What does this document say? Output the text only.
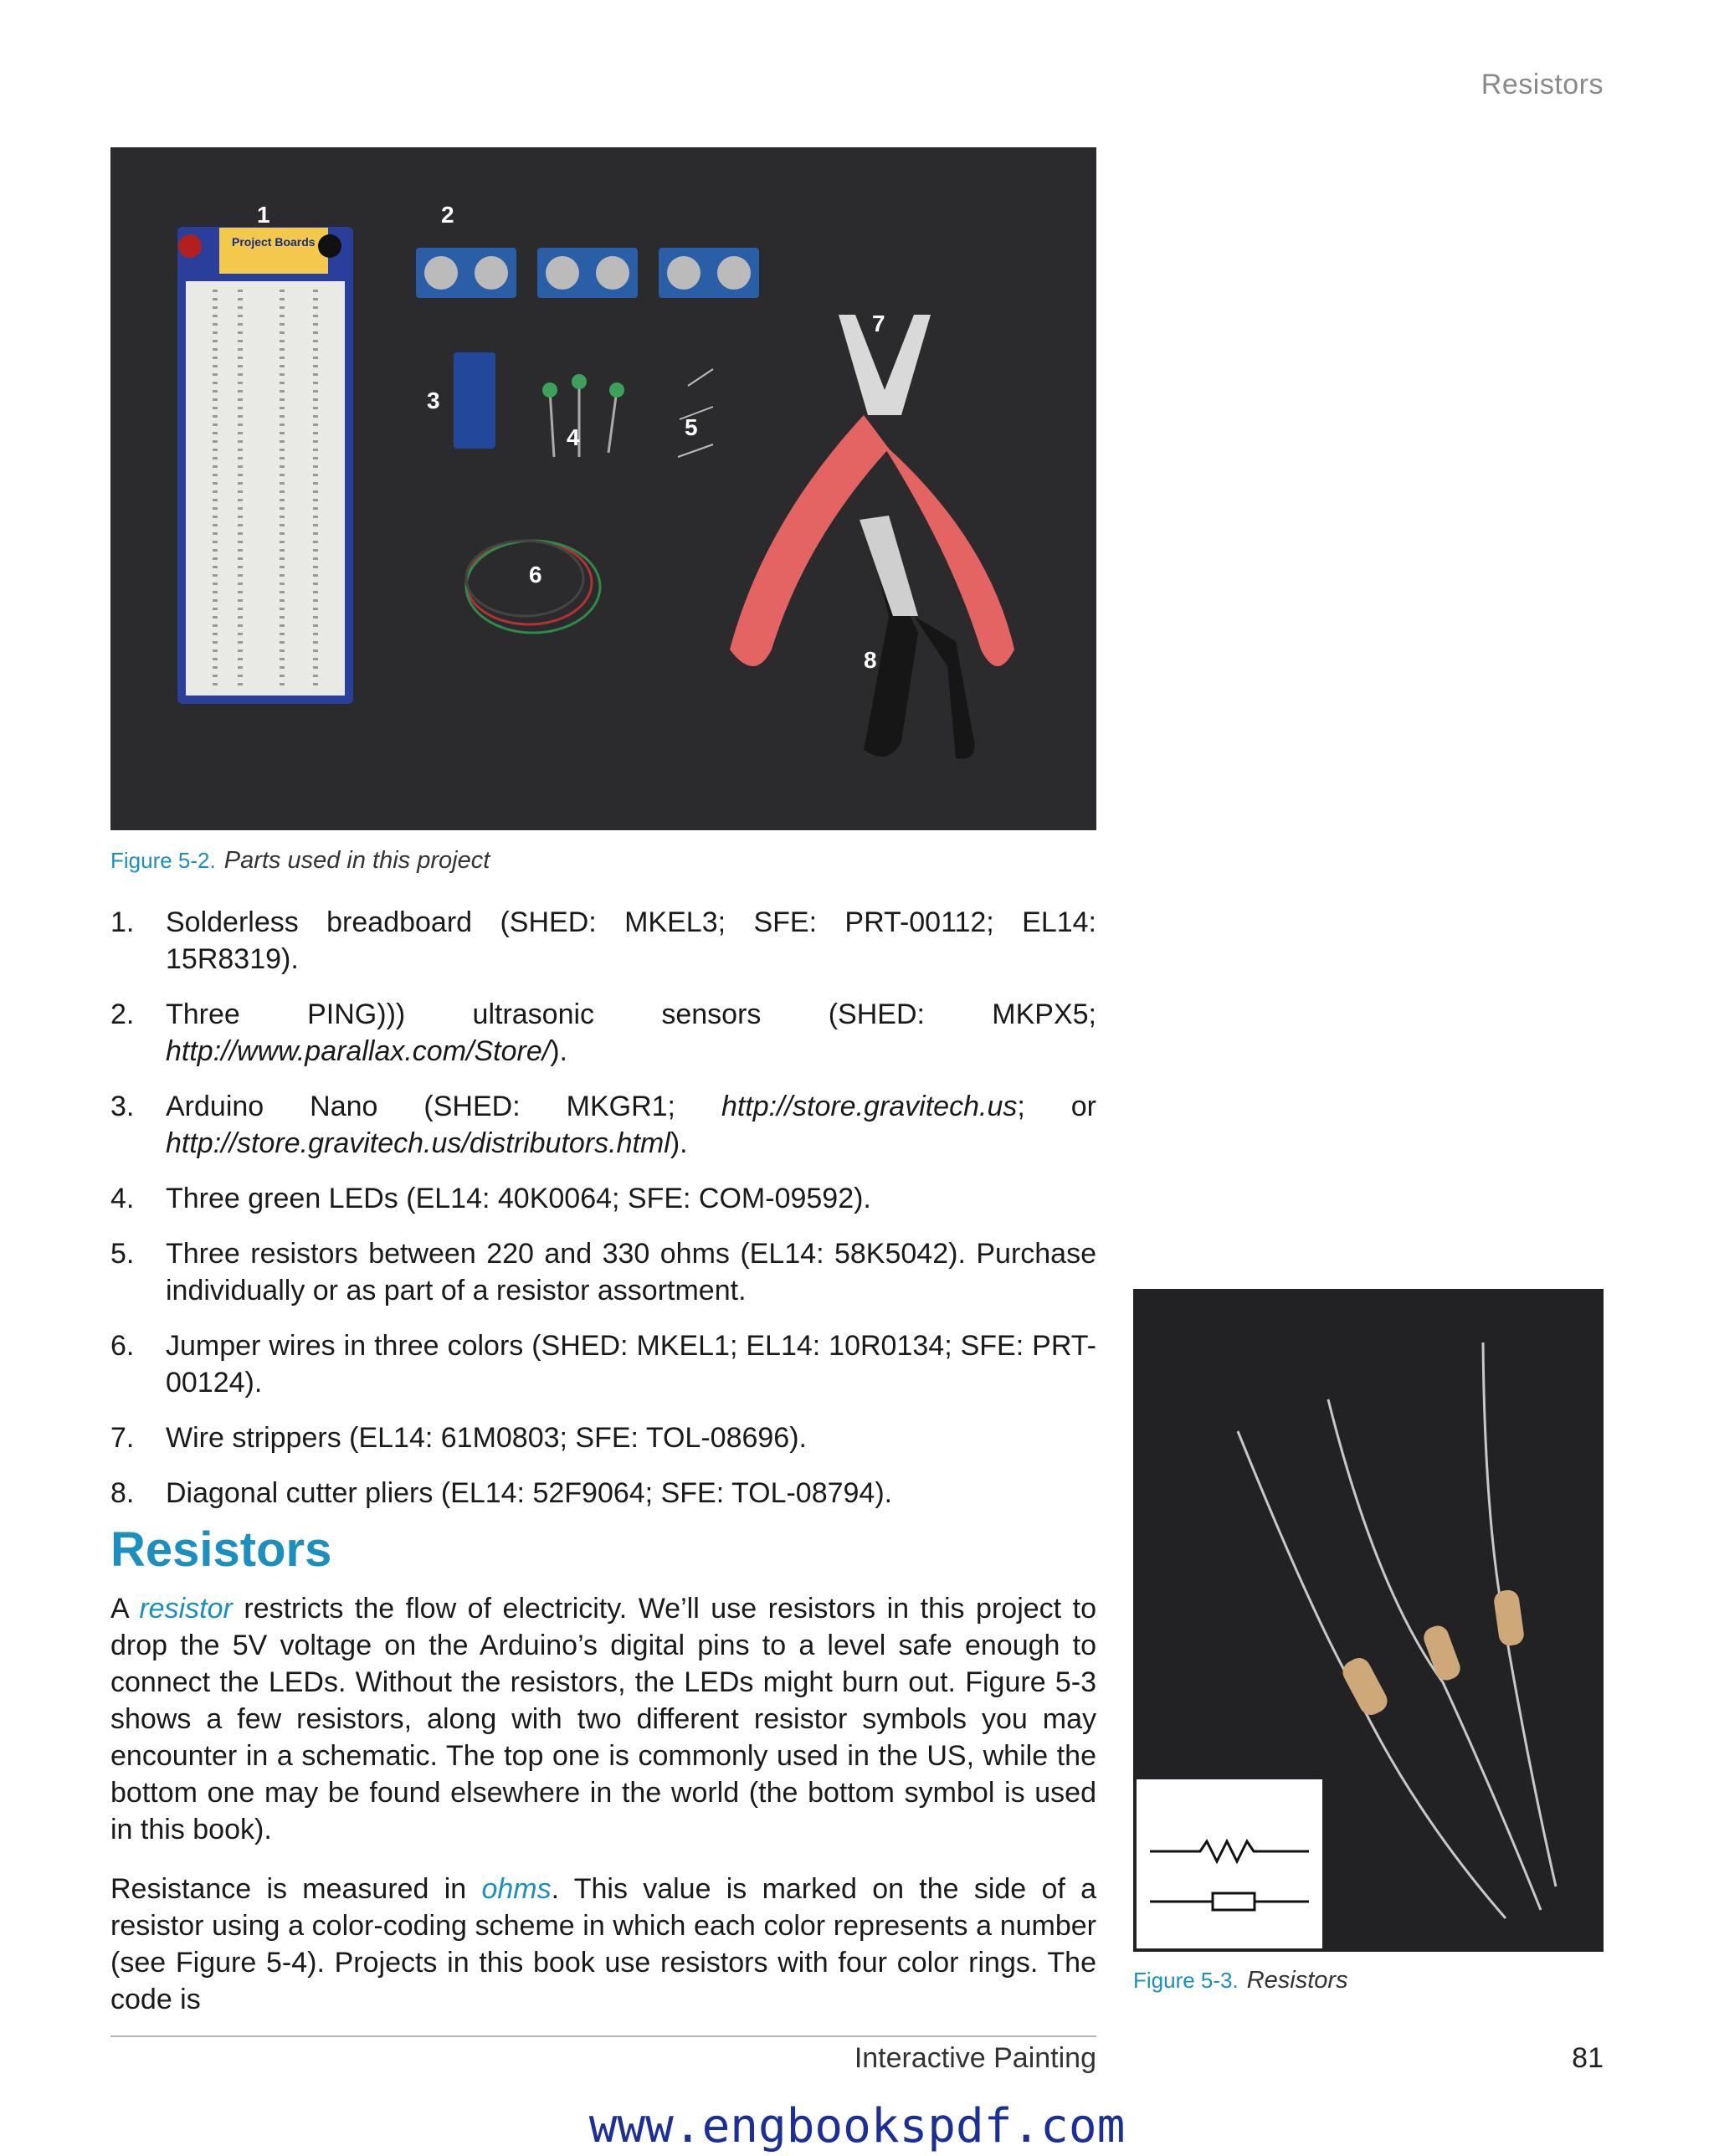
Resistors
Project Boards
1	2
3
4	5
6
7
8
Figure 5-2. Parts used in this project
1. Solderless breadboard (SHED: MKEL3; SFE: PRT-00112; EL14: 15R8319).
2. Three PING))) ultrasonic sensors (SHED: MKPX5; http://www.parallax.com/Store/).
3. Arduino Nano (SHED: MKGR1; http://store.gravitech.us; or http://store.gravitech.us/distributors.html).
4. Three green LEDs (EL14: 40K0064; SFE: COM-09592).
5. Three resistors between 220 and 330 ohms (EL14: 58K5042). Purchase individually or as part of a resistor assortment.
6. Jumper wires in three colors (SHED: MKEL1; EL14: 10R0134; SFE: PRT-00124).
7. Wire strippers (EL14: 61M0803; SFE: TOL-08696).
8. Diagonal cutter pliers (EL14: 52F9064; SFE: TOL-08794).
Resistors

A resistor restricts the flow of electricity. We’ll use resistors in this project to drop the 5V voltage on the Arduino’s digital pins to a level safe enough to connect the LEDs. Without the resistors, the LEDs might burn out. Figure 5-3 shows a few resistors, along with two different resistor symbols you may encounter in a schematic. The top one is commonly used in the US, while the bottom one may be found elsewhere in the world (the bottom symbol is used in this book).

Resistance is measured in ohms. This value is marked on the side of a resistor using a color-coding scheme in which each color represents a number (see Figure 5-4). Projects in this book use resistors with four color rings. The code is

Figure 5-3. Resistors
Interactive Painting	81
www.engbookspdf.com
